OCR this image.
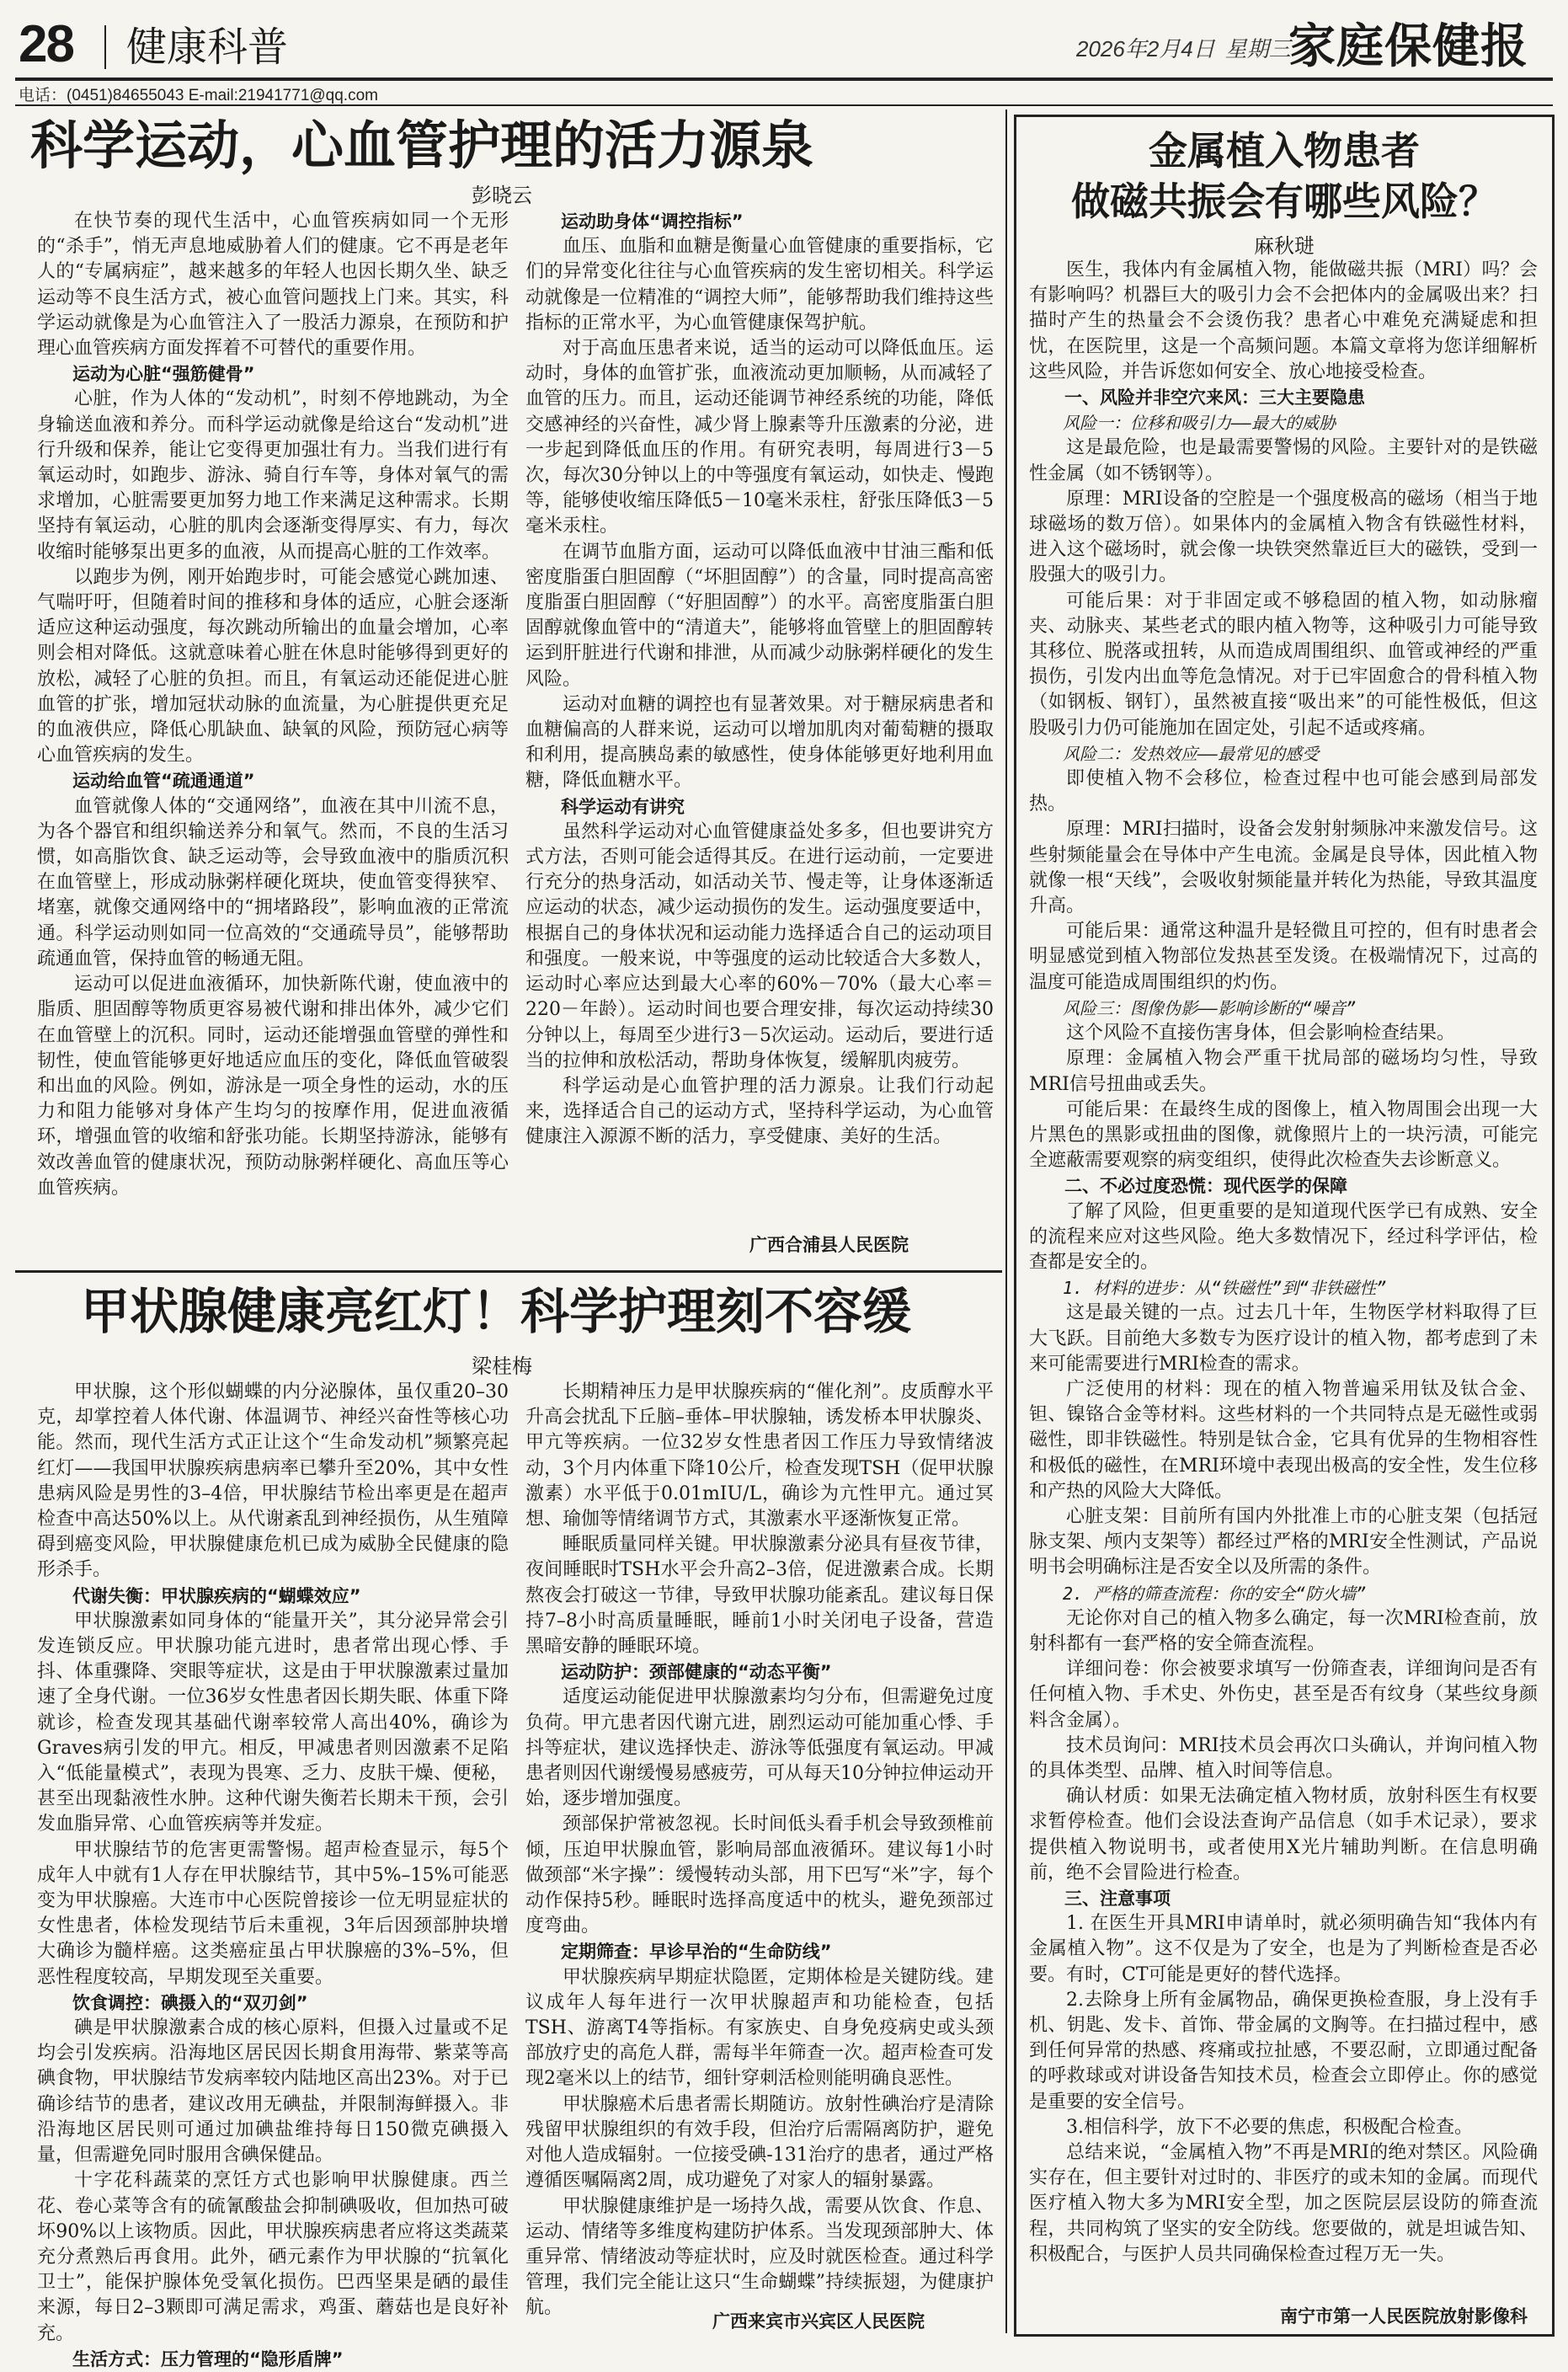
28 健康科普	2026年2月4日 星期三
家庭保健报
电话：(0451)84655043 E-mail:21941771@qq.com
科学运动，心血管护理的活力源泉
彭晓云

在快节奏的现代生活中，心血管疾病如同一个无形的“杀手”，悄无声息地威胁着人们的健康。它不再是老年人的“专属病症”，越来越多的年轻人也因长期久坐、缺乏运动等不良生活方式，被心血管问题找上门来。其实，科学运动就像是为心血管注入了一股活力源泉，在预防和护理心血管疾病方面发挥着不可替代的重要作用。

运动为心脏“强筋健骨”

心脏，作为人体的“发动机”，时刻不停地跳动，为全身输送血液和养分。而科学运动就像是给这台“发动机”进行升级和保养，能让它变得更加强壮有力。当我们进行有氧运动时，如跑步、游泳、骑自行车等，身体对氧气的需求增加，心脏需要更加努力地工作来满足这种需求。长期坚持有氧运动，心脏的肌肉会逐渐变得厚实、有力，每次收缩时能够泵出更多的血液，从而提高心脏的工作效率。

以跑步为例，刚开始跑步时，可能会感觉心跳加速、气喘吁吁，但随着时间的推移和身体的适应，心脏会逐渐适应这种运动强度，每次跳动所输出的血量会增加，心率则会相对降低。这就意味着心脏在休息时能够得到更好的放松，减轻了心脏的负担。而且，有氧运动还能促进心脏血管的扩张，增加冠状动脉的血流量，为心脏提供更充足的血液供应，降低心肌缺血、缺氧的风险，预防冠心病等心血管疾病的发生。

运动给血管“疏通通道”

血管就像人体的“交通网络”，血液在其中川流不息，为各个器官和组织输送养分和氧气。然而，不良的生活习惯，如高脂饮食、缺乏运动等，会导致血液中的脂质沉积在血管壁上，形成动脉粥样硬化斑块，使血管变得狭窄、堵塞，就像交通网络中的“拥堵路段”，影响血液的正常流通。科学运动则如同一位高效的“交通疏导员”，能够帮助疏通血管，保持血管的畅通无阻。

运动可以促进血液循环，加快新陈代谢，使血液中的脂质、胆固醇等物质更容易被代谢和排出体外，减少它们在血管壁上的沉积。同时，运动还能增强血管壁的弹性和韧性，使血管能够更好地适应血压的变化，降低血管破裂和出血的风险。例如，游泳是一项全身性的运动，水的压力和阻力能够对身体产生均匀的按摩作用，促进血液循环，增强血管的收缩和舒张功能。长期坚持游泳，能够有效改善血管的健康状况，预防动脉粥样硬化、高血压等心血管疾病。

运动助身体“调控指标”

血压、血脂和血糖是衡量心血管健康的重要指标，它们的异常变化往往与心血管疾病的发生密切相关。科学运动就像是一位精准的“调控大师”，能够帮助我们维持这些指标的正常水平，为心血管健康保驾护航。

对于高血压患者来说，适当的运动可以降低血压。运动时，身体的血管扩张，血液流动更加顺畅，从而减轻了血管的压力。而且，运动还能调节神经系统的功能，降低交感神经的兴奋性，减少肾上腺素等升压激素的分泌，进一步起到降低血压的作用。有研究表明，每周进行3－5次，每次30分钟以上的中等强度有氧运动，如快走、慢跑等，能够使收缩压降低5－10毫米汞柱，舒张压降低3－5毫米汞柱。

在调节血脂方面，运动可以降低血液中甘油三酯和低密度脂蛋白胆固醇（“坏胆固醇”）的含量，同时提高高密度脂蛋白胆固醇（“好胆固醇”）的水平。高密度脂蛋白胆固醇就像血管中的“清道夫”，能够将血管壁上的胆固醇转运到肝脏进行代谢和排泄，从而减少动脉粥样硬化的发生风险。

运动对血糖的调控也有显著效果。对于糖尿病患者和血糖偏高的人群来说，运动可以增加肌肉对葡萄糖的摄取和利用，提高胰岛素的敏感性，使身体能够更好地利用血糖，降低血糖水平。

科学运动有讲究

虽然科学运动对心血管健康益处多多，但也要讲究方式方法，否则可能会适得其反。在进行运动前，一定要进行充分的热身活动，如活动关节、慢走等，让身体逐渐适应运动的状态，减少运动损伤的发生。运动强度要适中，根据自己的身体状况和运动能力选择适合自己的运动项目和强度。一般来说，中等强度的运动比较适合大多数人，运动时心率应达到最大心率的60%－70%（最大心率＝220－年龄）。运动时间也要合理安排，每次运动持续30分钟以上，每周至少进行3－5次运动。运动后，要进行适当的拉伸和放松活动，帮助身体恢复，缓解肌肉疲劳。

科学运动是心血管护理的活力源泉。让我们行动起来，选择适合自己的运动方式，坚持科学运动，为心血管健康注入源源不断的活力，享受健康、美好的生活。

广西合浦县人民医院
甲状腺健康亮红灯！科学护理刻不容缓
梁桂梅

甲状腺，这个形似蝴蝶的内分泌腺体，虽仅重20–30克，却掌控着人体代谢、体温调节、神经兴奋性等核心功能。然而，现代生活方式正让这个“生命发动机”频繁亮起红灯——我国甲状腺疾病患病率已攀升至20%，其中女性患病风险是男性的3–4倍，甲状腺结节检出率更是在超声检查中高达50%以上。从代谢紊乱到神经损伤，从生殖障碍到癌变风险，甲状腺健康危机已成为威胁全民健康的隐形杀手。

代谢失衡：甲状腺疾病的“蝴蝶效应”

甲状腺激素如同身体的“能量开关”，其分泌异常会引发连锁反应。甲状腺功能亢进时，患者常出现心悸、手抖、体重骤降、突眼等症状，这是由于甲状腺激素过量加速了全身代谢。一位36岁女性患者因长期失眠、体重下降就诊，检查发现其基础代谢率较常人高出40%，确诊为Graves病引发的甲亢。相反，甲减患者则因激素不足陷入“低能量模式”，表现为畏寒、乏力、皮肤干燥、便秘，甚至出现黏液性水肿。这种代谢失衡若长期未干预，会引发血脂异常、心血管疾病等并发症。

甲状腺结节的危害更需警惕。超声检查显示，每5个成年人中就有1人存在甲状腺结节，其中5%–15%可能恶变为甲状腺癌。大连市中心医院曾接诊一位无明显症状的女性患者，体检发现结节后未重视，3年后因颈部肿块增大确诊为髓样癌。这类癌症虽占甲状腺癌的3%–5%，但恶性程度较高，早期发现至关重要。

饮食调控：碘摄入的“双刃剑”

碘是甲状腺激素合成的核心原料，但摄入过量或不足均会引发疾病。沿海地区居民因长期食用海带、紫菜等高碘食物，甲状腺结节发病率较内陆地区高出23%。对于已确诊结节的患者，建议改用无碘盐，并限制海鲜摄入。非沿海地区居民则可通过加碘盐维持每日150微克碘摄入量，但需避免同时服用含碘保健品。

十字花科蔬菜的烹饪方式也影响甲状腺健康。西兰花、卷心菜等含有的硫氰酸盐会抑制碘吸收，但加热可破坏90%以上该物质。因此，甲状腺疾病患者应将这类蔬菜充分煮熟后再食用。此外，硒元素作为甲状腺的“抗氧化卫士”，能保护腺体免受氧化损伤。巴西坚果是硒的最佳来源，每日2–3颗即可满足需求，鸡蛋、蘑菇也是良好补充。

生活方式：压力管理的“隐形盾牌”

长期精神压力是甲状腺疾病的“催化剂”。皮质醇水平升高会扰乱下丘脑–垂体–甲状腺轴，诱发桥本甲状腺炎、甲亢等疾病。一位32岁女性患者因工作压力导致情绪波动，3个月内体重下降10公斤，检查发现TSH（促甲状腺激素）水平低于0.01mIU/L，确诊为亢性甲亢。通过冥想、瑜伽等情绪调节方式，其激素水平逐渐恢复正常。

睡眠质量同样关键。甲状腺激素分泌具有昼夜节律，夜间睡眠时TSH水平会升高2–3倍，促进激素合成。长期熬夜会打破这一节律，导致甲状腺功能紊乱。建议每日保持7–8小时高质量睡眠，睡前1小时关闭电子设备，营造黑暗安静的睡眠环境。

运动防护：颈部健康的“动态平衡”

适度运动能促进甲状腺激素均匀分布，但需避免过度负荷。甲亢患者因代谢亢进，剧烈运动可能加重心悸、手抖等症状，建议选择快走、游泳等低强度有氧运动。甲减患者则因代谢缓慢易感疲劳，可从每天10分钟拉伸运动开始，逐步增加强度。

颈部保护常被忽视。长时间低头看手机会导致颈椎前倾，压迫甲状腺血管，影响局部血液循环。建议每1小时做颈部“米字操”：缓慢转动头部，用下巴写“米”字，每个动作保持5秒。睡眠时选择高度适中的枕头，避免颈部过度弯曲。

定期筛查：早诊早治的“生命防线”

甲状腺疾病早期症状隐匿，定期体检是关键防线。建议成年人每年进行一次甲状腺超声和功能检查，包括TSH、游离T4等指标。有家族史、自身免疫病史或头颈部放疗史的高危人群，需每半年筛查一次。超声检查可发现2毫米以上的结节，细针穿刺活检则能明确良恶性。

甲状腺癌术后患者需长期随访。放射性碘治疗是清除残留甲状腺组织的有效手段，但治疗后需隔离防护，避免对他人造成辐射。一位接受碘-131治疗的患者，通过严格遵循医嘱隔离2周，成功避免了对家人的辐射暴露。

甲状腺健康维护是一场持久战，需要从饮食、作息、运动、情绪等多维度构建防护体系。当发现颈部肿大、体重异常、情绪波动等症状时，应及时就医检查。通过科学管理，我们完全能让这只“生命蝴蝶”持续振翅，为健康护航。

广西来宾市兴宾区人民医院
金属植入物患者
做磁共振会有哪些风险？
麻秋琎

医生，我体内有金属植入物，能做磁共振（MRI）吗？会有影响吗？机器巨大的吸引力会不会把体内的金属吸出来？扫描时产生的热量会不会烫伤我？患者心中难免充满疑虑和担忧，在医院里，这是一个高频问题。本篇文章将为您详细解析这些风险，并告诉您如何安全、放心地接受检查。

一、风险并非空穴来风：三大主要隐患
风险一：位移和吸引力——最大的威胁

这是最危险，也是最需要警惕的风险。主要针对的是铁磁性金属（如不锈钢等）。

原理：MRI设备的空腔是一个强度极高的磁场（相当于地球磁场的数万倍）。如果体内的金属植入物含有铁磁性材料，进入这个磁场时，就会像一块铁突然靠近巨大的磁铁，受到一股强大的吸引力。

可能后果：对于非固定或不够稳固的植入物，如动脉瘤夹、动脉夹、某些老式的眼内植入物等，这种吸引力可能导致其移位、脱落或扭转，从而造成周围组织、血管或神经的严重损伤，引发内出血等危急情况。对于已牢固愈合的骨科植入物（如钢板、钢钉），虽然被直接“吸出来”的可能性极低，但这股吸引力仍可能施加在固定处，引起不适或疼痛。

风险二：发热效应——最常见的感受

即使植入物不会移位，检查过程中也可能会感到局部发热。

原理：MRI扫描时，设备会发射射频脉冲来激发信号。这些射频能量会在导体中产生电流。金属是良导体，因此植入物就像一根“天线”，会吸收射频能量并转化为热能，导致其温度升高。

可能后果：通常这种温升是轻微且可控的，但有时患者会明显感觉到植入物部位发热甚至发烫。在极端情况下，过高的温度可能造成周围组织的灼伤。

风险三：图像伪影——影响诊断的“噪音”

这个风险不直接伤害身体，但会影响检查结果。

原理：金属植入物会严重干扰局部的磁场均匀性，导致MRI信号扭曲或丢失。

可能后果：在最终生成的图像上，植入物周围会出现一大片黑色的黑影或扭曲的图像，就像照片上的一块污渍，可能完全遮蔽需要观察的病变组织，使得此次检查失去诊断意义。

二、不必过度恐慌：现代医学的保障

了解了风险，但更重要的是知道现代医学已有成熟、安全的流程来应对这些风险。绝大多数情况下，经过科学评估，检查都是安全的。

1. 材料的进步：从“铁磁性”到“非铁磁性”

这是最关键的一点。过去几十年，生物医学材料取得了巨大飞跃。目前绝大多数专为医疗设计的植入物，都考虑到了未来可能需要进行MRI检查的需求。

广泛使用的材料：现在的植入物普遍采用钛及钛合金、钽、镍铬合金等材料。这些材料的一个共同特点是无磁性或弱磁性，即非铁磁性。特别是钛合金，它具有优异的生物相容性和极低的磁性，在MRI环境中表现出极高的安全性，发生位移和产热的风险大大降低。

心脏支架：目前所有国内外批准上市的心脏支架（包括冠脉支架、颅内支架等）都经过严格的MRI安全性测试，产品说明书会明确标注是否安全以及所需的条件。

2. 严格的筛查流程：你的安全“防火墙”

无论你对自己的植入物多么确定，每一次MRI检查前，放射科都有一套严格的安全筛查流程。

详细问卷：你会被要求填写一份筛查表，详细询问是否有任何植入物、手术史、外伤史，甚至是否有纹身（某些纹身颜料含金属）。

技术员询问：MRI技术员会再次口头确认，并询问植入物的具体类型、品牌、植入时间等信息。

确认材质：如果无法确定植入物材质，放射科医生有权要求暂停检查。他们会设法查询产品信息（如手术记录），要求提供植入物说明书，或者使用X光片辅助判断。在信息明确前，绝不会冒险进行检查。

三、注意事项

1. 在医生开具MRI申请单时，就必须明确告知“我体内有金属植入物”。这不仅是为了安全，也是为了判断检查是否必要。有时，CT可能是更好的替代选择。

2.去除身上所有金属物品，确保更换检查服，身上没有手机、钥匙、发卡、首饰、带金属的文胸等。在扫描过程中，感到任何异常的热感、疼痛或拉扯感，不要忍耐，立即通过配备的呼救球或对讲设备告知技术员，检查会立即停止。你的感觉是重要的安全信号。

3.相信科学，放下不必要的焦虑，积极配合检查。

总结来说，“金属植入物”不再是MRI的绝对禁区。风险确实存在，但主要针对过时的、非医疗的或未知的金属。而现代医疗植入物大多为MRI安全型，加之医院层层设防的筛查流程，共同构筑了坚实的安全防线。您要做的，就是坦诚告知、积极配合，与医护人员共同确保检查过程万无一失。

南宁市第一人民医院放射影像科
